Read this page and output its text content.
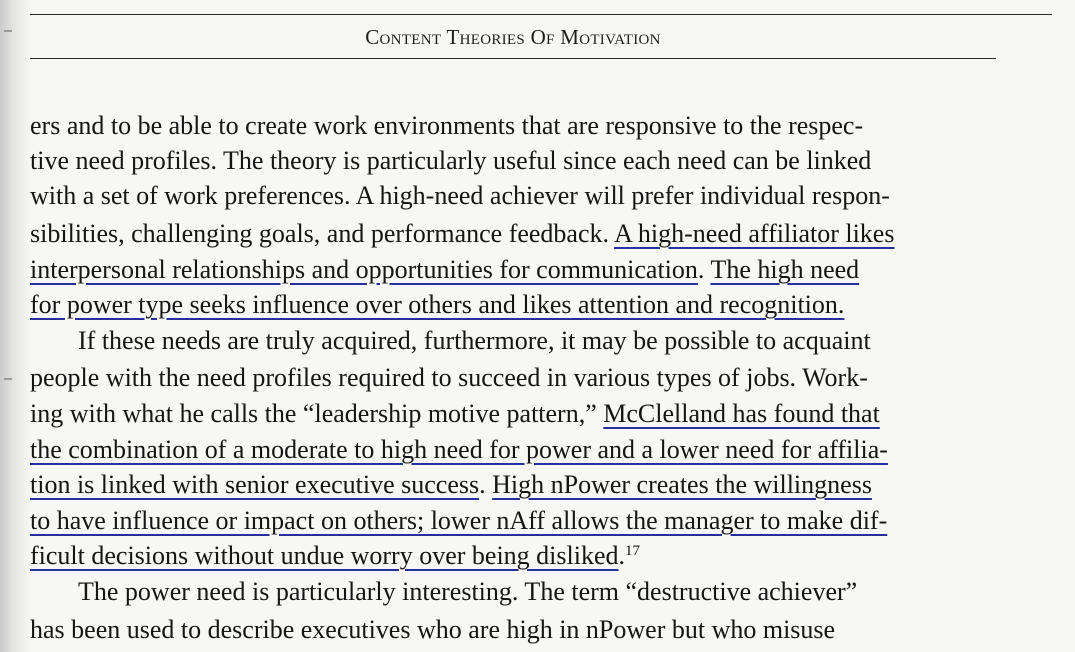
Content Theories Of Motivation
ers and to be able to create work environments that are responsive to the respec-
tive need profiles. The theory is particularly useful since each need can be linked
with a set of work preferences. A high-need achiever will prefer individual respon-
sibilities, challenging goals, and performance feedback. A high-need affiliator likes
interpersonal relationships and opportunities for communication. The high need
for power type seeks influence over others and likes attention and recognition.
If these needs are truly acquired, furthermore, it may be possible to acquaint
people with the need profiles required to succeed in various types of jobs. Work-
ing with what he calls the “leadership motive pattern,” McClelland has found that
the combination of a moderate to high need for power and a lower need for affilia-
tion is linked with senior executive success. High nPower creates the willingness
to have influence or impact on others; lower nAff allows the manager to make dif-
ficult decisions without undue worry over being disliked.$^{17}$
The power need is particularly interesting. The term “destructive achiever”
has been used to describe executives who are high in nPower but who misuse
